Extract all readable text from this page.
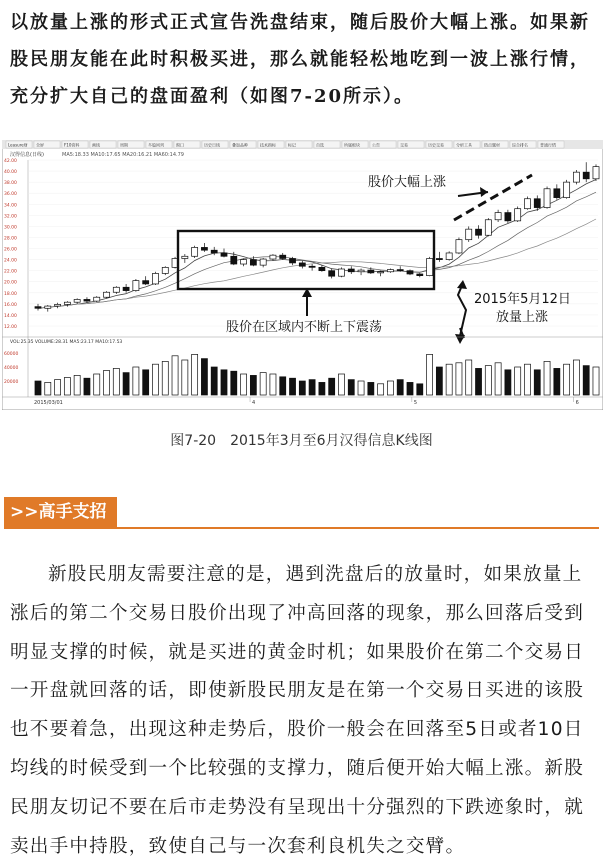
以放量上涨的形式正式宣告洗盘结束，随后股价大幅上涨。如果新股民朋友能在此时积极买进，那么就能轻松地吃到一波上涨行情，充分扩大自己的盘面盈利（如图7-20所示）。

Leasure财 全屏	F10资料	画线	周期	多股同列	窗口	历史日线	叠加品种	技术指标	标记	自选	所属板块	公告	交易	历史交易	分析工具	热点题材	综合排名	普通行情
汉得信息(日线)	MA5:18.33 MA10:17.65 MA20:16.21 MA60:14.79
42.00
40.00
38.00
36.00
34.00
32.00
30.00
28.00
26.00
24.00
22.00
20.00
18.00
16.00
14.00
12.00	股价在区域内不断上下震荡
股价大幅上涨
2015年5月12日
放量上涨
VOL:25.35 VOLUME:28.31 MA5:23.17 MA10:17.53
60000
40000
20000
2015/03/01	4	5	6
图7-20　2015年3月至6月汉得信息K线图
>>高手支招

新股民朋友需要注意的是，遇到洗盘后的放量时，如果放量上涨后的第二个交易日股价出现了冲高回落的现象，那么回落后受到明显支撑的时候，就是买进的黄金时机；如果股价在第二个交易日一开盘就回落的话，即使新股民朋友是在第一个交易日买进的该股也不要着急，出现这种走势后，股价一般会在回落至5日或者10日均线的时候受到一个比较强的支撑力，随后便开始大幅上涨。新股民朋友切记不要在后市走势没有呈现出十分强烈的下跌迹象时，就卖出手中持股，致使自己与一次套利良机失之交臂。
